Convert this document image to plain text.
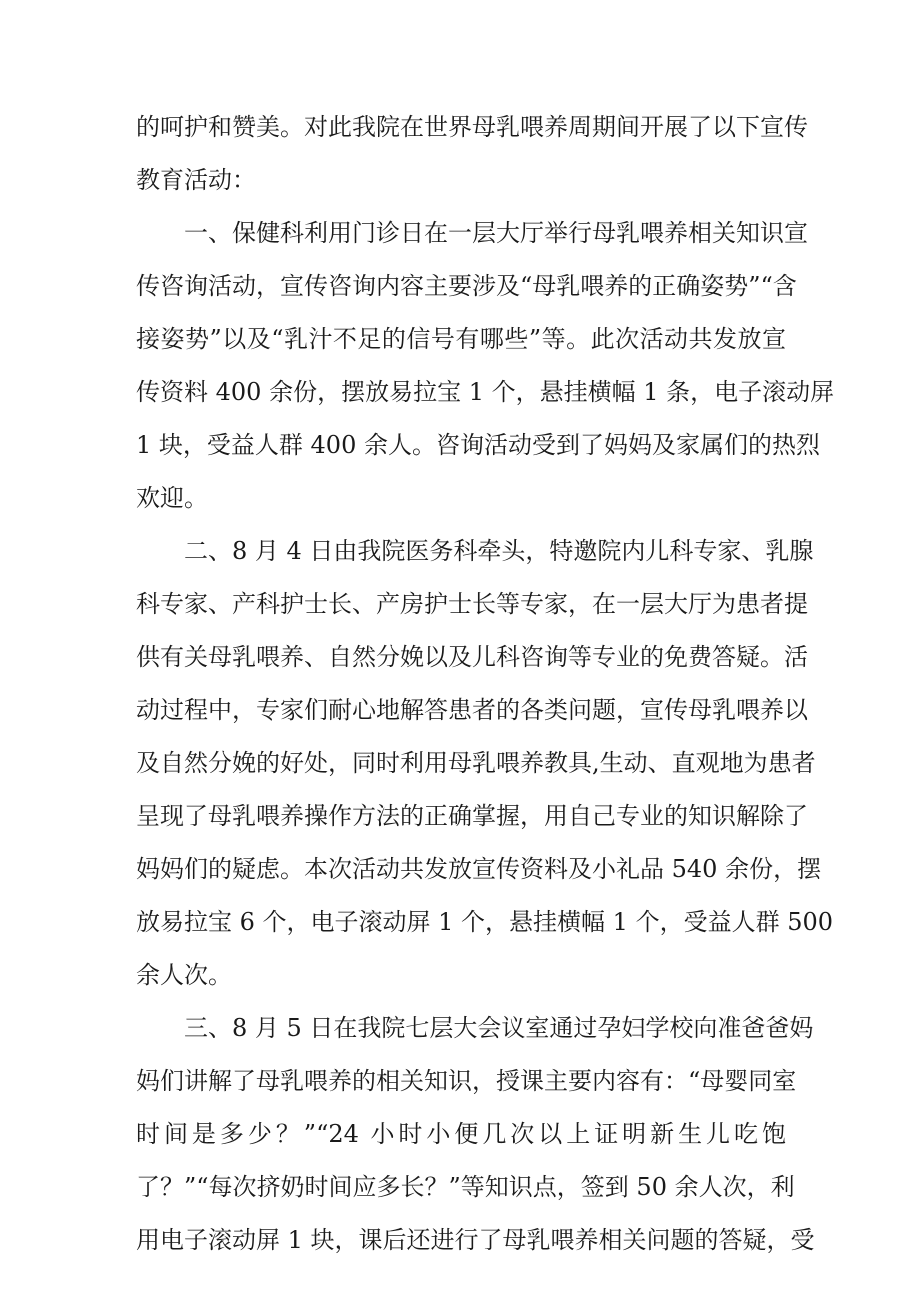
的呵护和赞美。对此我院在世界母乳喂养周期间开展了以下宣传
教育活动：
一、保健科利用门诊日在一层大厅举行母乳喂养相关知识宣
传咨询活动，宣传咨询内容主要涉及“母乳喂养的正确姿势”“含
接姿势”以及“乳汁不足的信号有哪些”等。此次活动共发放宣
传资料 400 余份，摆放易拉宝 1 个，悬挂横幅 1 条，电子滚动屏
1 块，受益人群 400 余人。咨询活动受到了妈妈及家属们的热烈
欢迎。
二、8 月 4 日由我院医务科牵头，特邀院内儿科专家、乳腺
科专家、产科护士长、产房护士长等专家，在一层大厅为患者提
供有关母乳喂养、自然分娩以及儿科咨询等专业的免费答疑。活
动过程中，专家们耐心地解答患者的各类问题，宣传母乳喂养以
及自然分娩的好处，同时利用母乳喂养教具,生动、直观地为患者
呈现了母乳喂养操作方法的正确掌握，用自己专业的知识解除了
妈妈们的疑虑。本次活动共发放宣传资料及小礼品 540 余份，摆
放易拉宝 6 个，电子滚动屏 1 个，悬挂横幅 1 个，受益人群 500
余人次。
三、8 月 5 日在我院七层大会议室通过孕妇学校向准爸爸妈
妈们讲解了母乳喂养的相关知识，授课主要内容有：“母婴同室
时间是多少？”“24 小时小便几次以上证明新生儿吃饱
了？”“每次挤奶时间应多长？”等知识点，签到 50 余人次，利
用电子滚动屏 1 块，课后还进行了母乳喂养相关问题的答疑，受
